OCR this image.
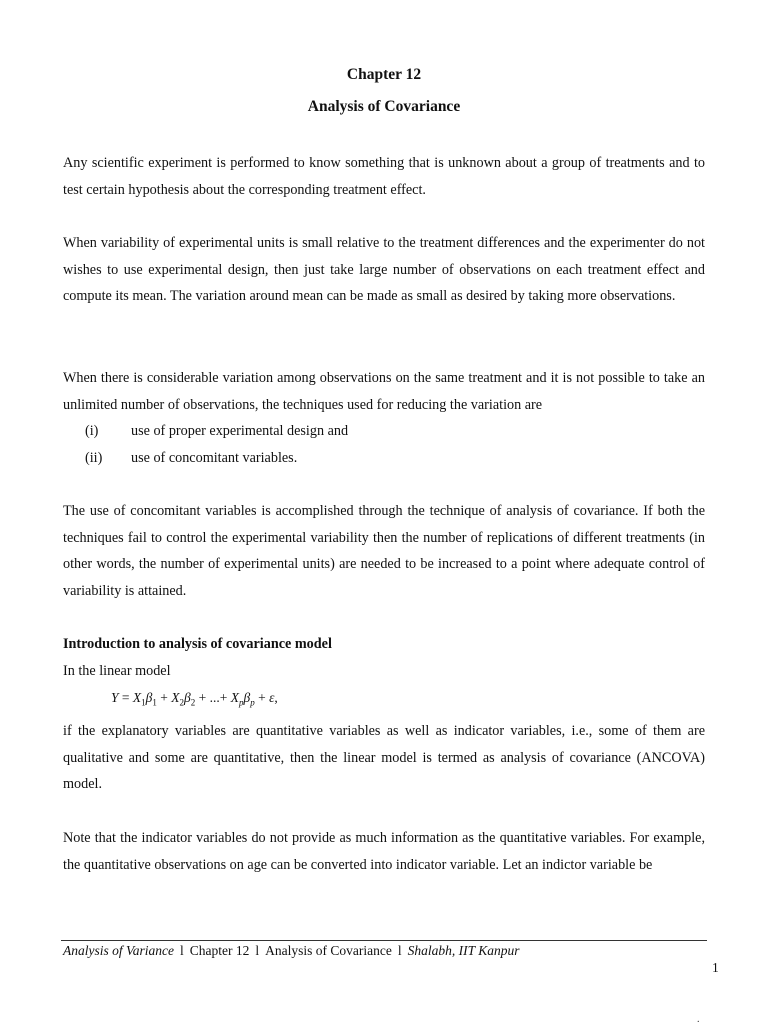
Chapter 12
Analysis of Covariance
Any scientific experiment is performed to know something that is unknown about a group of treatments and to test certain hypothesis about the corresponding treatment effect.
When variability of experimental units is small relative to the treatment differences and the experimenter do not wishes to use experimental design, then just take large number of observations on each treatment effect and compute its mean. The variation around mean can be made as small as desired by taking more observations.
When there is considerable variation among observations on the same treatment and it is not possible to take an unlimited number of observations, the techniques used for reducing the variation are
(i) use of proper experimental design and
(ii) use of concomitant variables.
The use of concomitant variables is accomplished through the technique of analysis of covariance. If both the techniques fail to control the experimental variability then the number of replications of different treatments (in other words, the number of experimental units) are needed to be increased to a point where adequate control of variability is attained.
Introduction to analysis of covariance model
In the linear model
$Y = X_1\beta_1 + X_2\beta_2$ + ...+ $X_p\beta_p + \varepsilon$,
if the explanatory variables are quantitative variables as well as indicator variables, i.e., some of them are qualitative and some are quantitative, then the linear model is termed as analysis of covariance (ANCOVA) model.
Note that the indicator variables do not provide as much information as the quantitative variables. For example, the quantitative observations on age can be converted into indicator variable. Let an indictor variable be
Analysis of Variance l Chapter 12 l Analysis of Covariance l Shalabh, IIT Kanpur
1
.
